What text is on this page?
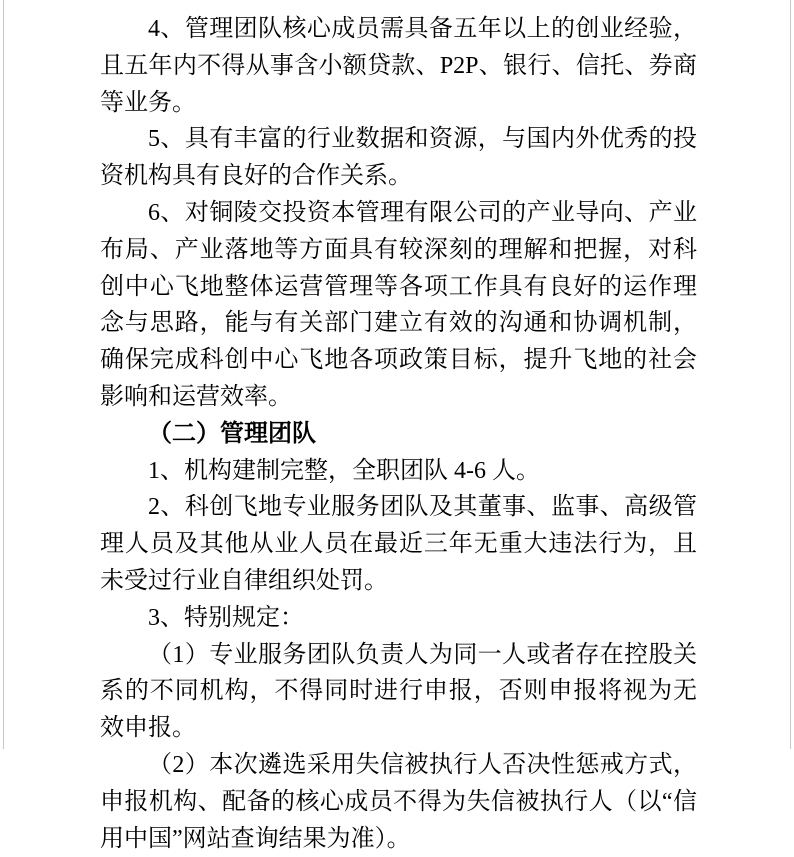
4、管理团队核心成员需具备五年以上的创业经验，且五年内不得从事含小额贷款、P2P、银行、信托、券商等业务。

5、具有丰富的行业数据和资源，与国内外优秀的投资机构具有良好的合作关系。

6、对铜陵交投资本管理有限公司的产业导向、产业布局、产业落地等方面具有较深刻的理解和把握，对科创中心飞地整体运营管理等各项工作具有良好的运作理念与思路，能与有关部门建立有效的沟通和协调机制，确保完成科创中心飞地各项政策目标，提升飞地的社会影响和运营效率。

（二）管理团队

1、机构建制完整，全职团队 4-6 人。

2、科创飞地专业服务团队及其董事、监事、高级管理人员及其他从业人员在最近三年无重大违法行为，且未受过行业自律组织处罚。

3、特别规定：

（1）专业服务团队负责人为同一人或者存在控股关系的不同机构，不得同时进行申报，否则申报将视为无效申报。

（2）本次遴选采用失信被执行人否决性惩戒方式，申报机构、配备的核心成员不得为失信被执行人（以“信用中国”网站查询结果为准）。
